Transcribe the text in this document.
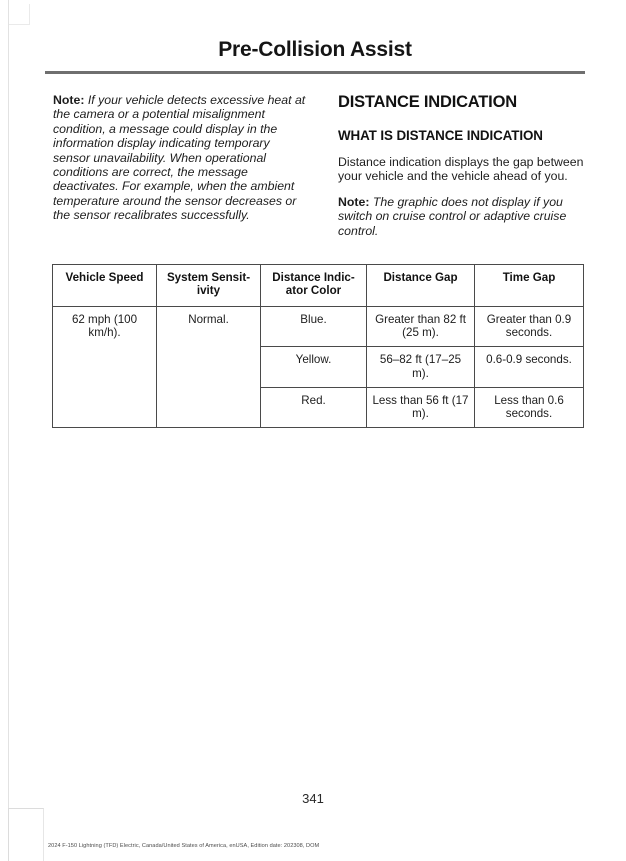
Pre-Collision Assist

Note: If your vehicle detects excessive heat at the camera or a potential misalignment condition, a message could display in the information display indicating temporary sensor unavailability. When operational conditions are correct, the message deactivates. For example, when the ambient temperature around the sensor decreases or the sensor recalibrates successfully.

DISTANCE INDICATION
WHAT IS DISTANCE INDICATION

Distance indication displays the gap between your vehicle and the vehicle ahead of you.

Note: The graphic does not display if you switch on cruise control or adaptive cruise control.

Vehicle Speed	System Sensit-ivity	Distance Indic-ator Color	Distance Gap	Time Gap
62 mph (100 km/h).	Normal.	Blue.	Greater than 82 ft (25 m).	Greater than 0.9 seconds.
		Yellow.	56–82 ft (17–25 m).	0.6-0.9 seconds.
		Red.	Less than 56 ft (17 m).	Less than 0.6 seconds.
341
2024 F-150 Lightning (TFD) Electric, Canada/United States of America, enUSA, Edition date: 202308, DOM
